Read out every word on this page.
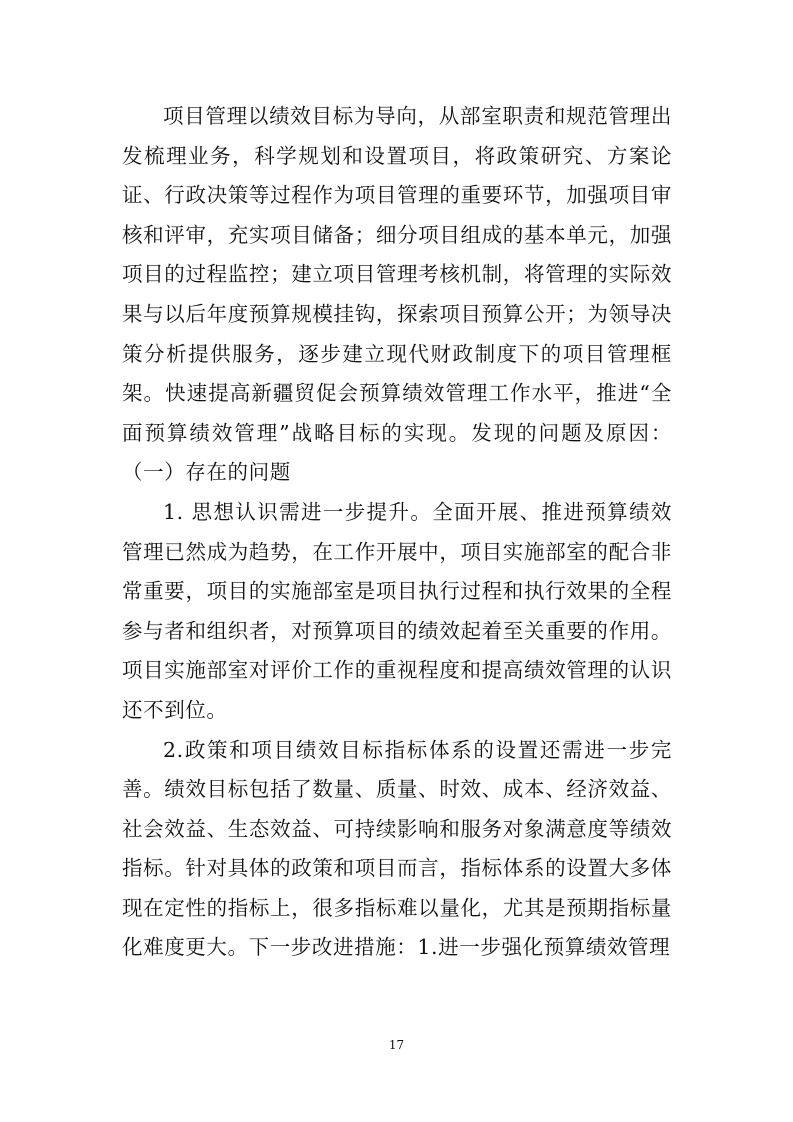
项目管理以绩效目标为导向，从部室职责和规范管理出发梳理业务，科学规划和设置项目，将政策研究、方案论证、行政决策等过程作为项目管理的重要环节，加强项目审核和评审，充实项目储备；细分项目组成的基本单元，加强项目的过程监控；建立项目管理考核机制，将管理的实际效果与以后年度预算规模挂钩，探索项目预算公开；为领导决策分析提供服务，逐步建立现代财政制度下的项目管理框架。快速提高新疆贸促会预算绩效管理工作水平，推进“全面预算绩效管理”战略目标的实现。发现的问题及原因：（一）存在的问题

1. 思想认识需进一步提升。全面开展、推进预算绩效管理已然成为趋势，在工作开展中，项目实施部室的配合非常重要，项目的实施部室是项目执行过程和执行效果的全程参与者和组织者，对预算项目的绩效起着至关重要的作用。项目实施部室对评价工作的重视程度和提高绩效管理的认识还不到位。

2.政策和项目绩效目标指标体系的设置还需进一步完善。绩效目标包括了数量、质量、时效、成本、经济效益、社会效益、生态效益、可持续影响和服务对象满意度等绩效指标。针对具体的政策和项目而言，指标体系的设置大多体现在定性的指标上，很多指标难以量化，尤其是预期指标量化难度更大。下一步改进措施：1.进一步强化预算绩效管理

17
